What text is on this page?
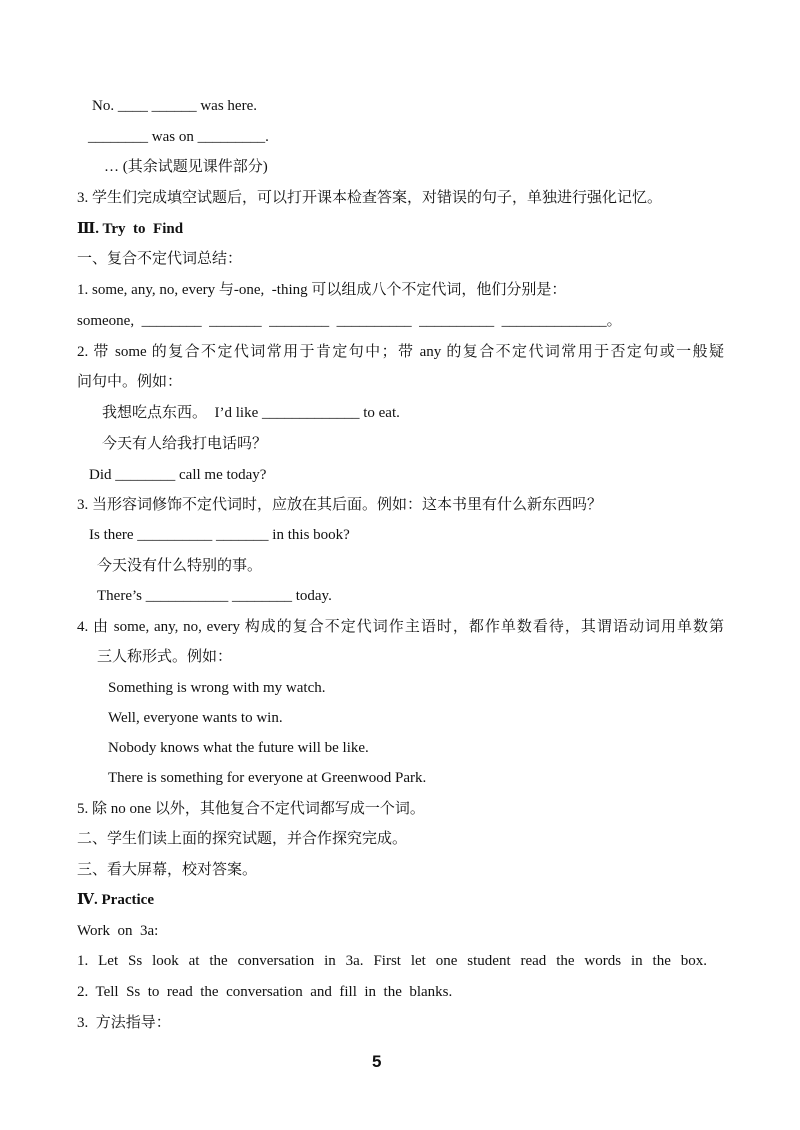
No. ____ ______ was here.
________ was on _________.
… (其余试题见课件部分)
3. 学生们完成填空试题后，可以打开课本检查答案，对错误的句子，单独进行强化记忆。
Ⅲ. Try  to  Find
一、复合不定代词总结：
1. some, any, no, every 与-one,  -thing 可以组成八个不定代词，他们分别是：
someone,  ________  _______  ________  __________  __________  ______________。
2. 带 some 的复合不定代词常用于肯定句中；带 any 的复合不定代词常用于否定句或一般疑
问句中。例如：
我想吃点东西。  I’d like _____________ to eat.
今天有人给我打电话吗？
Did ________ call me today?
3. 当形容词修饰不定代词时，应放在其后面。例如：这本书里有什么新东西吗？
Is there __________ _______ in this book?
今天没有什么特别的事。
There’s ___________ ________ today.
4. 由 some, any, no, every 构成的复合不定代词作主语时，都作单数看待，其谓语动词用单数第
三人称形式。例如：
Something is wrong with my watch.
Well, everyone wants to win.
Nobody knows what the future will be like.
There is something for everyone at Greenwood Park.
5. 除 no one 以外，其他复合不定代词都写成一个词。
二、学生们读上面的探究试题，并合作探究完成。
三、看大屏幕，校对答案。
Ⅳ. Practice
Work  on  3a:
1. Let Ss look at the conversation in 3a. First let one student read the words in the box.
2.  Tell  Ss  to  read  the  conversation  and  fill  in  the  blanks.
3.  方法指导：
5
